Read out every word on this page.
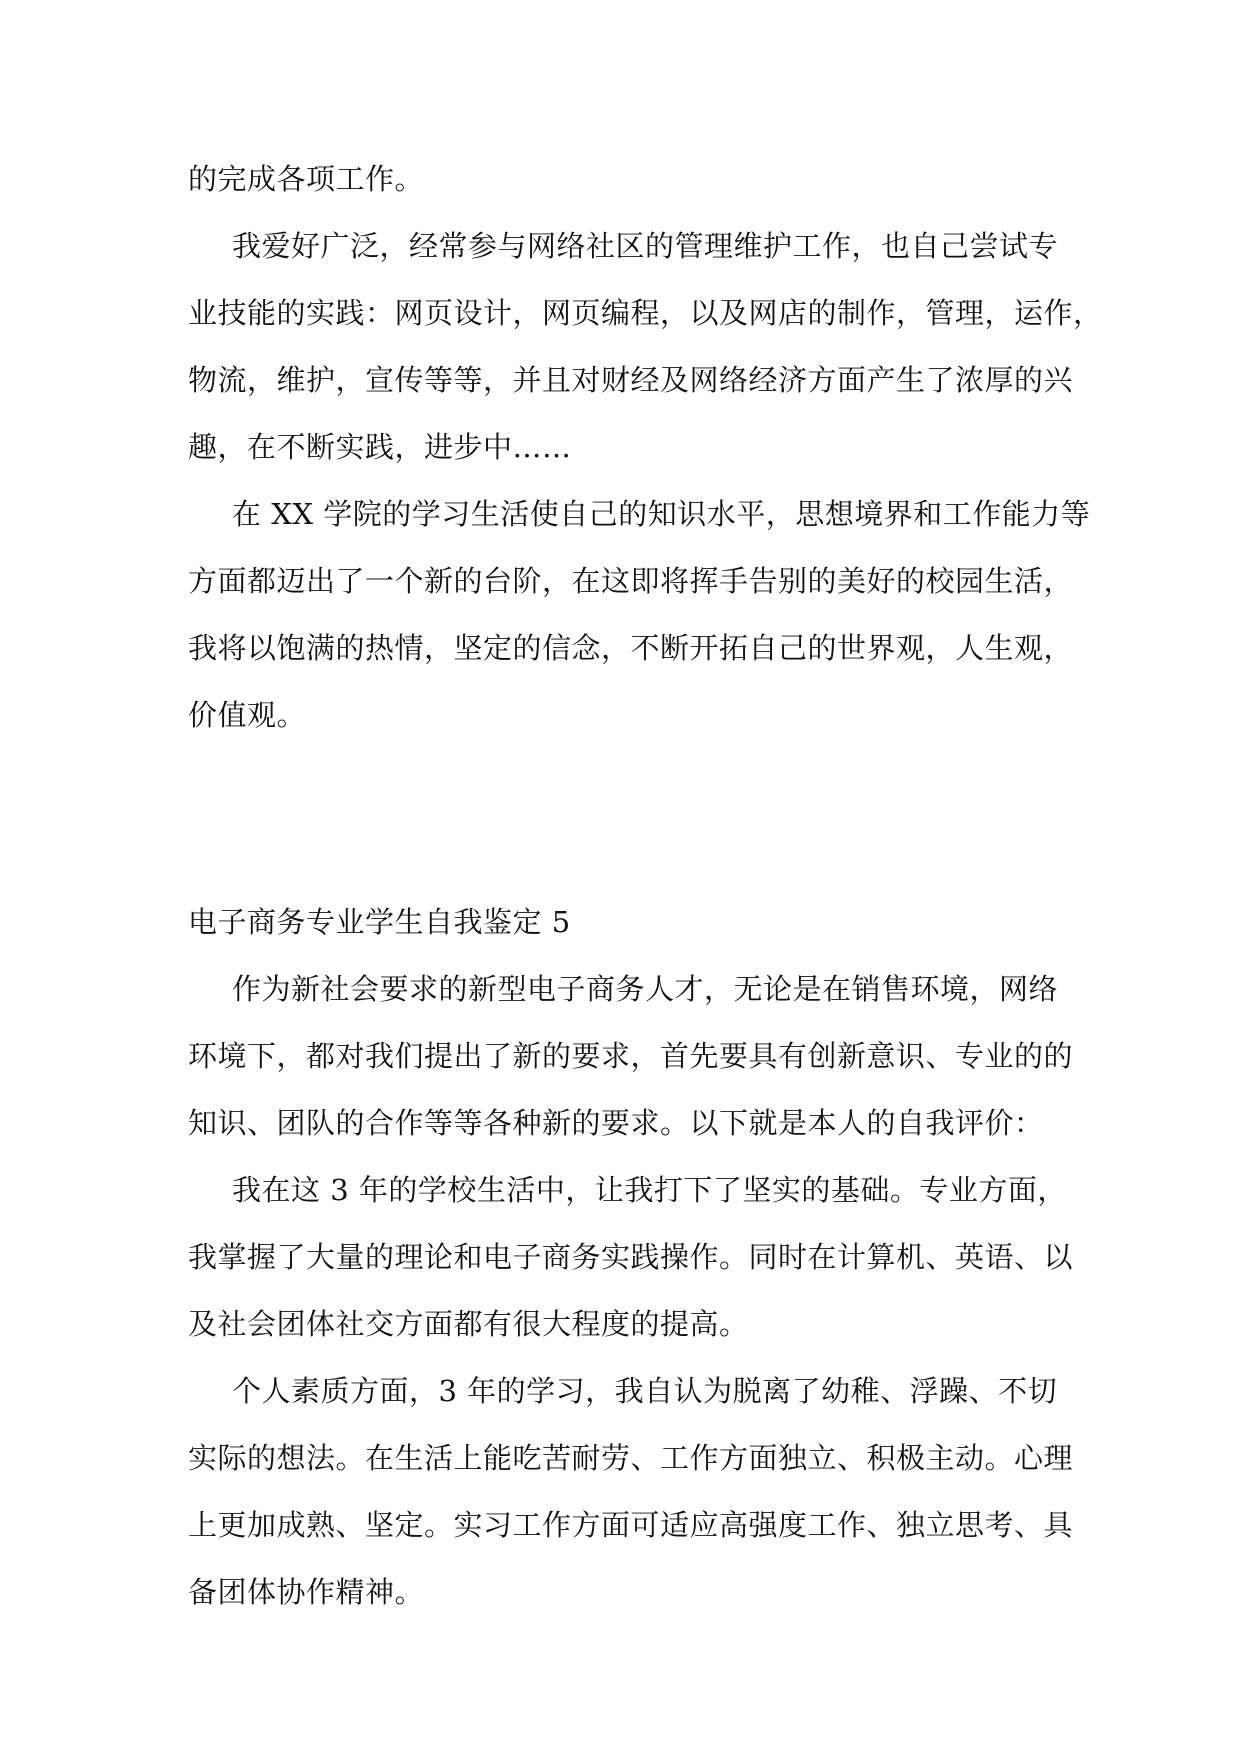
的完成各项工作。
我爱好广泛，经常参与网络社区的管理维护工作，也自己尝试专
业技能的实践：网页设计，网页编程，以及网店的制作，管理，运作，
物流，维护，宣传等等，并且对财经及网络经济方面产生了浓厚的兴
趣，在不断实践，进步中……
在 XX 学院的学习生活使自己的知识水平，思想境界和工作能力等
方面都迈出了一个新的台阶，在这即将挥手告别的美好的校园生活，
我将以饱满的热情，坚定的信念，不断开拓自己的世界观，人生观，
价值观。
电子商务专业学生自我鉴定 5
作为新社会要求的新型电子商务人才，无论是在销售环境，网络
环境下，都对我们提出了新的要求，首先要具有创新意识、专业的的
知识、团队的合作等等各种新的要求。以下就是本人的自我评价：
我在这 3 年的学校生活中，让我打下了坚实的基础。专业方面，
我掌握了大量的理论和电子商务实践操作。同时在计算机、英语、以
及社会团体社交方面都有很大程度的提高。
个人素质方面，3 年的学习，我自认为脱离了幼稚、浮躁、不切
实际的想法。在生活上能吃苦耐劳、工作方面独立、积极主动。心理
上更加成熟、坚定。实习工作方面可适应高强度工作、独立思考、具
备团体协作精神。
